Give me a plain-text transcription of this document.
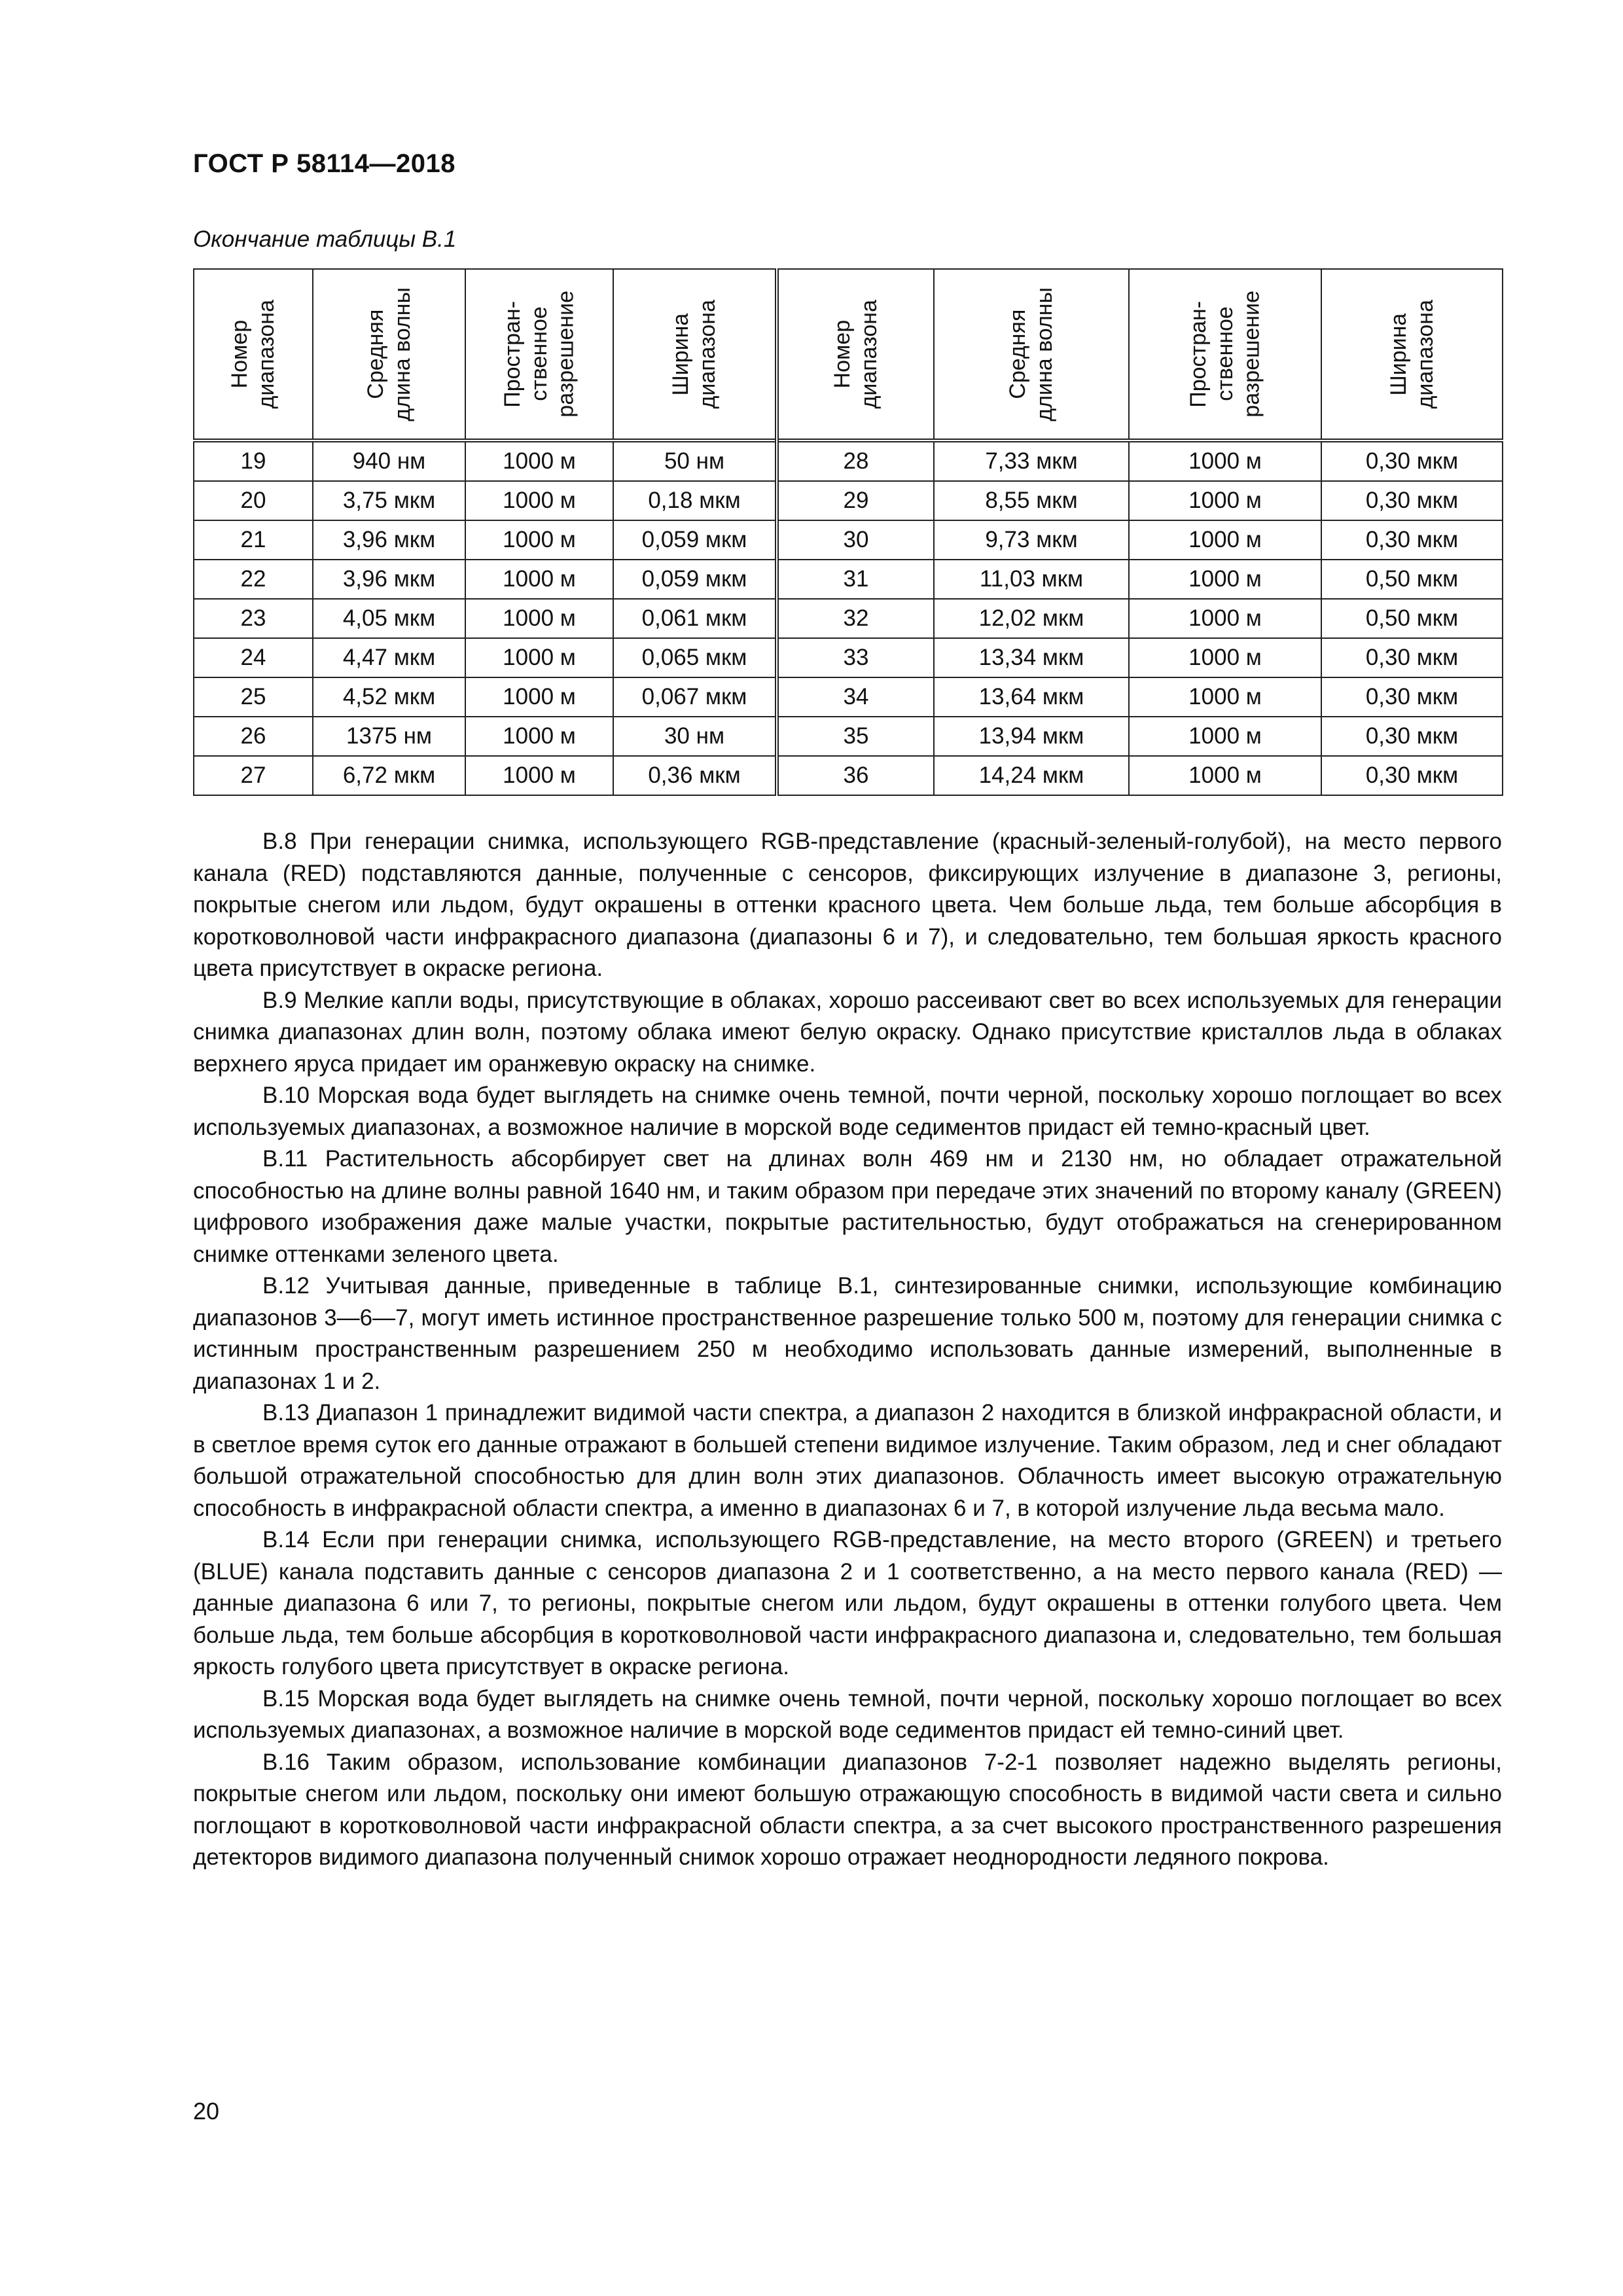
ГОСТ Р 58114—2018
Окончание таблицы В.1
Номер
диапазона	Средняя
длина волны	Простран-
ственное
разрешение	Ширина
диапазона	Номер
диапазона	Средняя
длина волны	Простран-
ственное
разрешение	Ширина
диапазона

19	940 нм	1000 м	50 нм	28	7,33 мкм	1000 м	0,30 мкм
20	3,75 мкм	1000 м	0,18 мкм	29	8,55 мкм	1000 м	0,30 мкм
21	3,96 мкм	1000 м	0,059 мкм	30	9,73 мкм	1000 м	0,30 мкм
22	3,96 мкм	1000 м	0,059 мкм	31	11,03 мкм	1000 м	0,50 мкм
23	4,05 мкм	1000 м	0,061 мкм	32	12,02 мкм	1000 м	0,50 мкм
24	4,47 мкм	1000 м	0,065 мкм	33	13,34 мкм	1000 м	0,30 мкм
25	4,52 мкм	1000 м	0,067 мкм	34	13,64 мкм	1000 м	0,30 мкм
26	1375 нм	1000 м	30 нм	35	13,94 мкм	1000 м	0,30 мкм
27	6,72 мкм	1000 м	0,36 мкм	36	14,24 мкм	1000 м	0,30 мкм

В.8 При генерации снимка, использующего RGB-представление (красный-зеленый-голубой), на место первого канала (RED) подставляются данные, полученные с сенсоров, фиксирующих излучение в диапазоне 3, регионы, покрытые снегом или льдом, будут окрашены в оттенки красного цвета. Чем больше льда, тем больше абсорбция в коротковолновой части инфракрасного диапазона (диапазоны 6 и 7), и следовательно, тем большая яркость красного цвета присутствует в окраске региона.

В.9 Мелкие капли воды, присутствующие в облаках, хорошо рассеивают свет во всех используемых для генерации снимка диапазонах длин волн, поэтому облака имеют белую окраску. Однако присутствие кристаллов льда в облаках верхнего яруса придает им оранжевую окраску на снимке.

В.10 Морская вода будет выглядеть на снимке очень темной, почти черной, поскольку хорошо поглощает во всех используемых диапазонах, а возможное наличие в морской воде седиментов придаст ей темно-красный цвет.

В.11 Растительность абсорбирует свет на длинах волн 469 нм и 2130 нм, но обладает отражательной способностью на длине волны равной 1640 нм, и таким образом при передаче этих значений по второму каналу (GREEN) цифрового изображения даже малые участки, покрытые растительностью, будут отображаться на сгенерированном снимке оттенками зеленого цвета.

В.12 Учитывая данные, приведенные в таблице В.1, синтезированные снимки, использующие комбинацию диапазонов 3—6—7, могут иметь истинное пространственное разрешение только 500 м, поэтому для генерации снимка с истинным пространственным разрешением 250 м необходимо использовать данные измерений, выполненные в диапазонах 1 и 2.

В.13 Диапазон 1 принадлежит видимой части спектра, а диапазон 2 находится в близкой инфракрасной области, и в светлое время суток его данные отражают в большей степени видимое излучение. Таким образом, лед и снег обладают большой отражательной способностью для длин волн этих диапазонов. Облачность имеет высокую отражательную способность в инфракрасной области спектра, а именно в диапазонах 6 и 7, в которой излучение льда весьма мало.

В.14 Если при генерации снимка, использующего RGB-представление, на место второго (GREEN) и третьего (BLUE) канала подставить данные с сенсоров диапазона 2 и 1 соответственно, а на место первого канала (RED) — данные диапазона 6 или 7, то регионы, покрытые снегом или льдом, будут окрашены в оттенки голубого цвета. Чем больше льда, тем больше абсорбция в коротковолновой части инфракрасного диапазона и, следовательно, тем большая яркость голубого цвета присутствует в окраске региона.

В.15 Морская вода будет выглядеть на снимке очень темной, почти черной, поскольку хорошо поглощает во всех используемых диапазонах, а возможное наличие в морской воде седиментов придаст ей темно-синий цвет.

В.16 Таким образом, использование комбинации диапазонов 7-2-1 позволяет надежно выделять регионы, покрытые снегом или льдом, поскольку они имеют большую отражающую способность в видимой части света и сильно поглощают в коротковолновой части инфракрасной области спектра, а за счет высокого пространственного разрешения детекторов видимого диапазона полученный снимок хорошо отражает неоднородности ледяного покрова.

20
